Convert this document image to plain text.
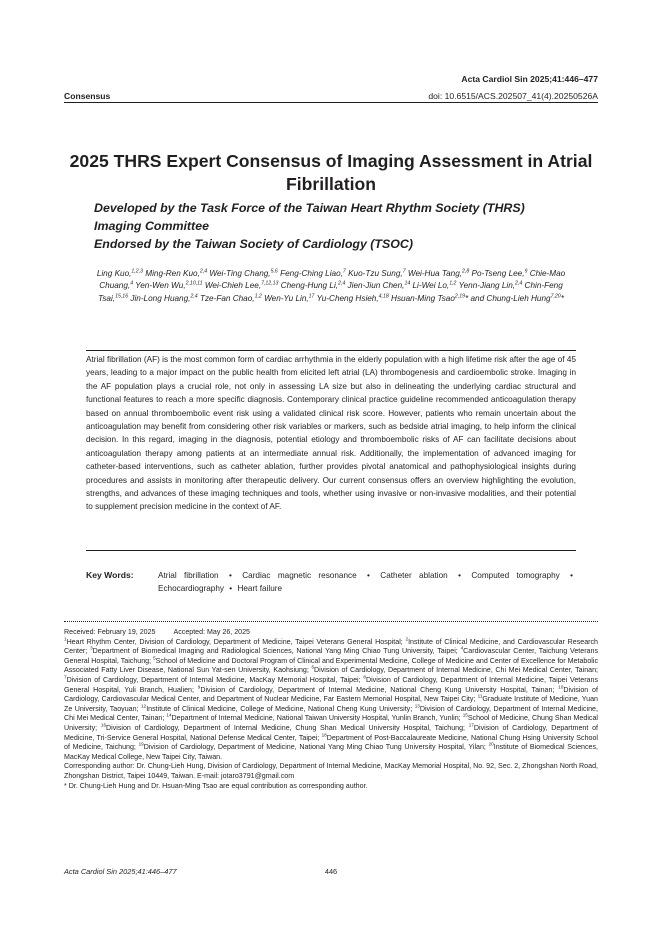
Acta Cardiol Sin 2025;41:446–477
Consensus	doi: 10.6515/ACS.202507_41(4).20250526A
2025 THRS Expert Consensus of Imaging Assessment in Atrial Fibrillation
Developed by the Task Force of the Taiwan Heart Rhythm Society (THRS)
Imaging Committee
Endorsed by the Taiwan Society of Cardiology (TSOC)

Ling Kuo,$^{1,2,3}$ Ming-Ren Kuo,$^{2,4}$ Wei-Ting Chang,$^{5,6}$ Feng-Ching Liao,$^7$ Kuo-Tzu Sung,$^7$ Wei-Hua Tang,$^{2,8}$ Po-Tseng Lee,$^9$ Chie-Mao Chuang,$^4$ Yen-Wen Wu,$^{2,10,11}$ Wei-Chieh Lee,$^{7,12,13}$ Cheng-Hung Li,$^{2,4}$ Jien-Jiun Chen,$^{14}$ Li-Wei Lo,$^{1,2}$ Yenn-Jiang Lin,$^{2,4}$ Chin-Feng Tsai,$^{15,16}$ Jin-Long Huang,$^{2,4}$ Tze-Fan Chao,$^{1,2}$ Wen-Yu Lin,$^{17}$ Yu-Cheng Hsieh,$^{4,18}$ Hsuan-Ming Tsao$^{2,19}$* and Chung-Lieh Hung$^{7,20}$*

Atrial fibrillation (AF) is the most common form of cardiac arrhythmia in the elderly population with a high lifetime risk after the age of 45 years, leading to a major impact on the public health from elicited left atrial (LA) thrombogenesis and cardioembolic stroke. Imaging in the AF population plays a crucial role, not only in assessing LA size but also in delineating the underlying cardiac structural and functional features to reach a more specific diagnosis. Contemporary clinical practice guideline recommended anticoagulation therapy based on annual thromboembolic event risk using a validated clinical risk score. However, patients who remain uncertain about the anticoagulation may benefit from considering other risk variables or markers, such as bedside atrial imaging, to help inform the clinical decision. In this regard, imaging in the diagnosis, potential etiology and thromboembolic risks of AF can facilitate decisions about anticoagulation therapy among patients at an intermediate annual risk. Additionally, the implementation of advanced imaging for catheter-based interventions, such as catheter ablation, further provides pivotal anatomical and pathophysiological insights during procedures and assists in monitoring after therapeutic delivery. Our current consensus offers an overview highlighting the evolution, strengths, and advances of these imaging techniques and tools, whether using invasive or non-invasive modalities, and their potential to supplement precision medicine in the context of AF.

Key Words:	Atrial fibrillation • Cardiac magnetic resonance • Catheter ablation • Computed tomography • Echocardiography • Heart failure

Received: February 19, 2025	Accepted: May 26, 2025

$^1$Heart Rhythm Center, Division of Cardiology, Department of Medicine, Taipei Veterans General Hospital; $^2$Institute of Clinical Medicine, and Cardiovascular Research Center; $^3$Department of Biomedical Imaging and Radiological Sciences, National Yang Ming Chiao Tung University, Taipei; $^4$Cardiovascular Center, Taichung Veterans General Hospital, Taichung; $^5$School of Medicine and Doctoral Program of Clinical and Experimental Medicine, College of Medicine and Center of Excellence for Metabolic Associated Fatty Liver Disease, National Sun Yat-sen University, Kaohsiung; $^6$Division of Cardiology, Department of Internal Medicine, Chi Mei Medical Center, Tainan; $^7$Division of Cardiology, Department of Internal Medicine, MacKay Memorial Hospital, Taipei; $^8$Division of Cardiology, Department of Internal Medicine, Taipei Veterans General Hospital, Yuli Branch, Hualien; $^9$Division of Cardiology, Department of Internal Medicine, National Cheng Kung University Hospital, Tainan; $^{10}$Division of Cardiology, Cardiovascular Medical Center, and Department of Nuclear Medicine, Far Eastern Memorial Hospital, New Taipei City; $^{11}$Graduate Institute of Medicine, Yuan Ze University, Taoyuan; $^{12}$Institute of Clinical Medicine, College of Medicine, National Cheng Kung University; $^{13}$Division of Cardiology, Department of Internal Medicine, Chi Mei Medical Center, Tainan; $^{14}$Department of Internal Medicine, National Taiwan University Hospital, Yunlin Branch, Yunlin; $^{15}$School of Medicine, Chung Shan Medical University; $^{16}$Division of Cardiology, Department of Internal Medicine, Chung Shan Medical University Hospital, Taichung; $^{17}$Division of Cardiology, Department of Medicine, Tri-Service General Hospital, National Defense Medical Center, Taipei; $^{18}$Department of Post-Baccalaureate Medicine, National Chung Hsing University School of Medicine, Taichung; $^{19}$Division of Cardiology, Department of Medicine, National Yang Ming Chiao Tung University Hospital, Yilan; $^{20}$Institute of Biomedical Sciences, MacKay Medical College, New Taipei City, Taiwan.

Corresponding author: Dr. Chung-Lieh Hung, Division of Cardiology, Department of Internal Medicine, MacKay Memorial Hospital, No. 92, Sec. 2, Zhongshan North Road, Zhongshan District, Taipei 10449, Taiwan. E-mail: jotaro3791@gmail.com

* Dr. Chung-Lieh Hung and Dr. Hsuan-Ming Tsao are equal contribution as corresponding author.

Acta Cardiol Sin 2025;41:446–477	446
